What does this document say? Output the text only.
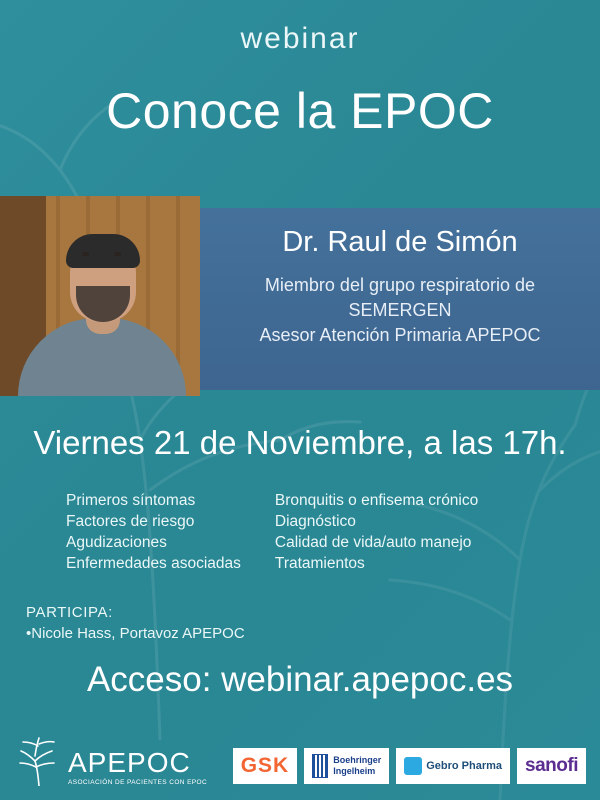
webinar
Conoce la EPOC
Dr. Raul de Simón
Miembro del grupo respiratorio de
SEMERGEN
Asesor Atención Primaria APEPOC
Viernes 21 de Noviembre, a las 17h.
Primeros síntomas
Factores de riesgo
Agudizaciones
Enfermedades asociadas
Bronquitis o enfisema crónico
Diagnóstico
Calidad de vida/auto manejo
Tratamientos
PARTICIPA:
•Nicole Hass, Portavoz APEPOC
Acceso: webinar.apepoc.es
APEPOC
ASOCIACIÓN DE PACIENTES CON EPOC
GSK	Boehringer
Ingelheim	Gebro Pharma sanofi
